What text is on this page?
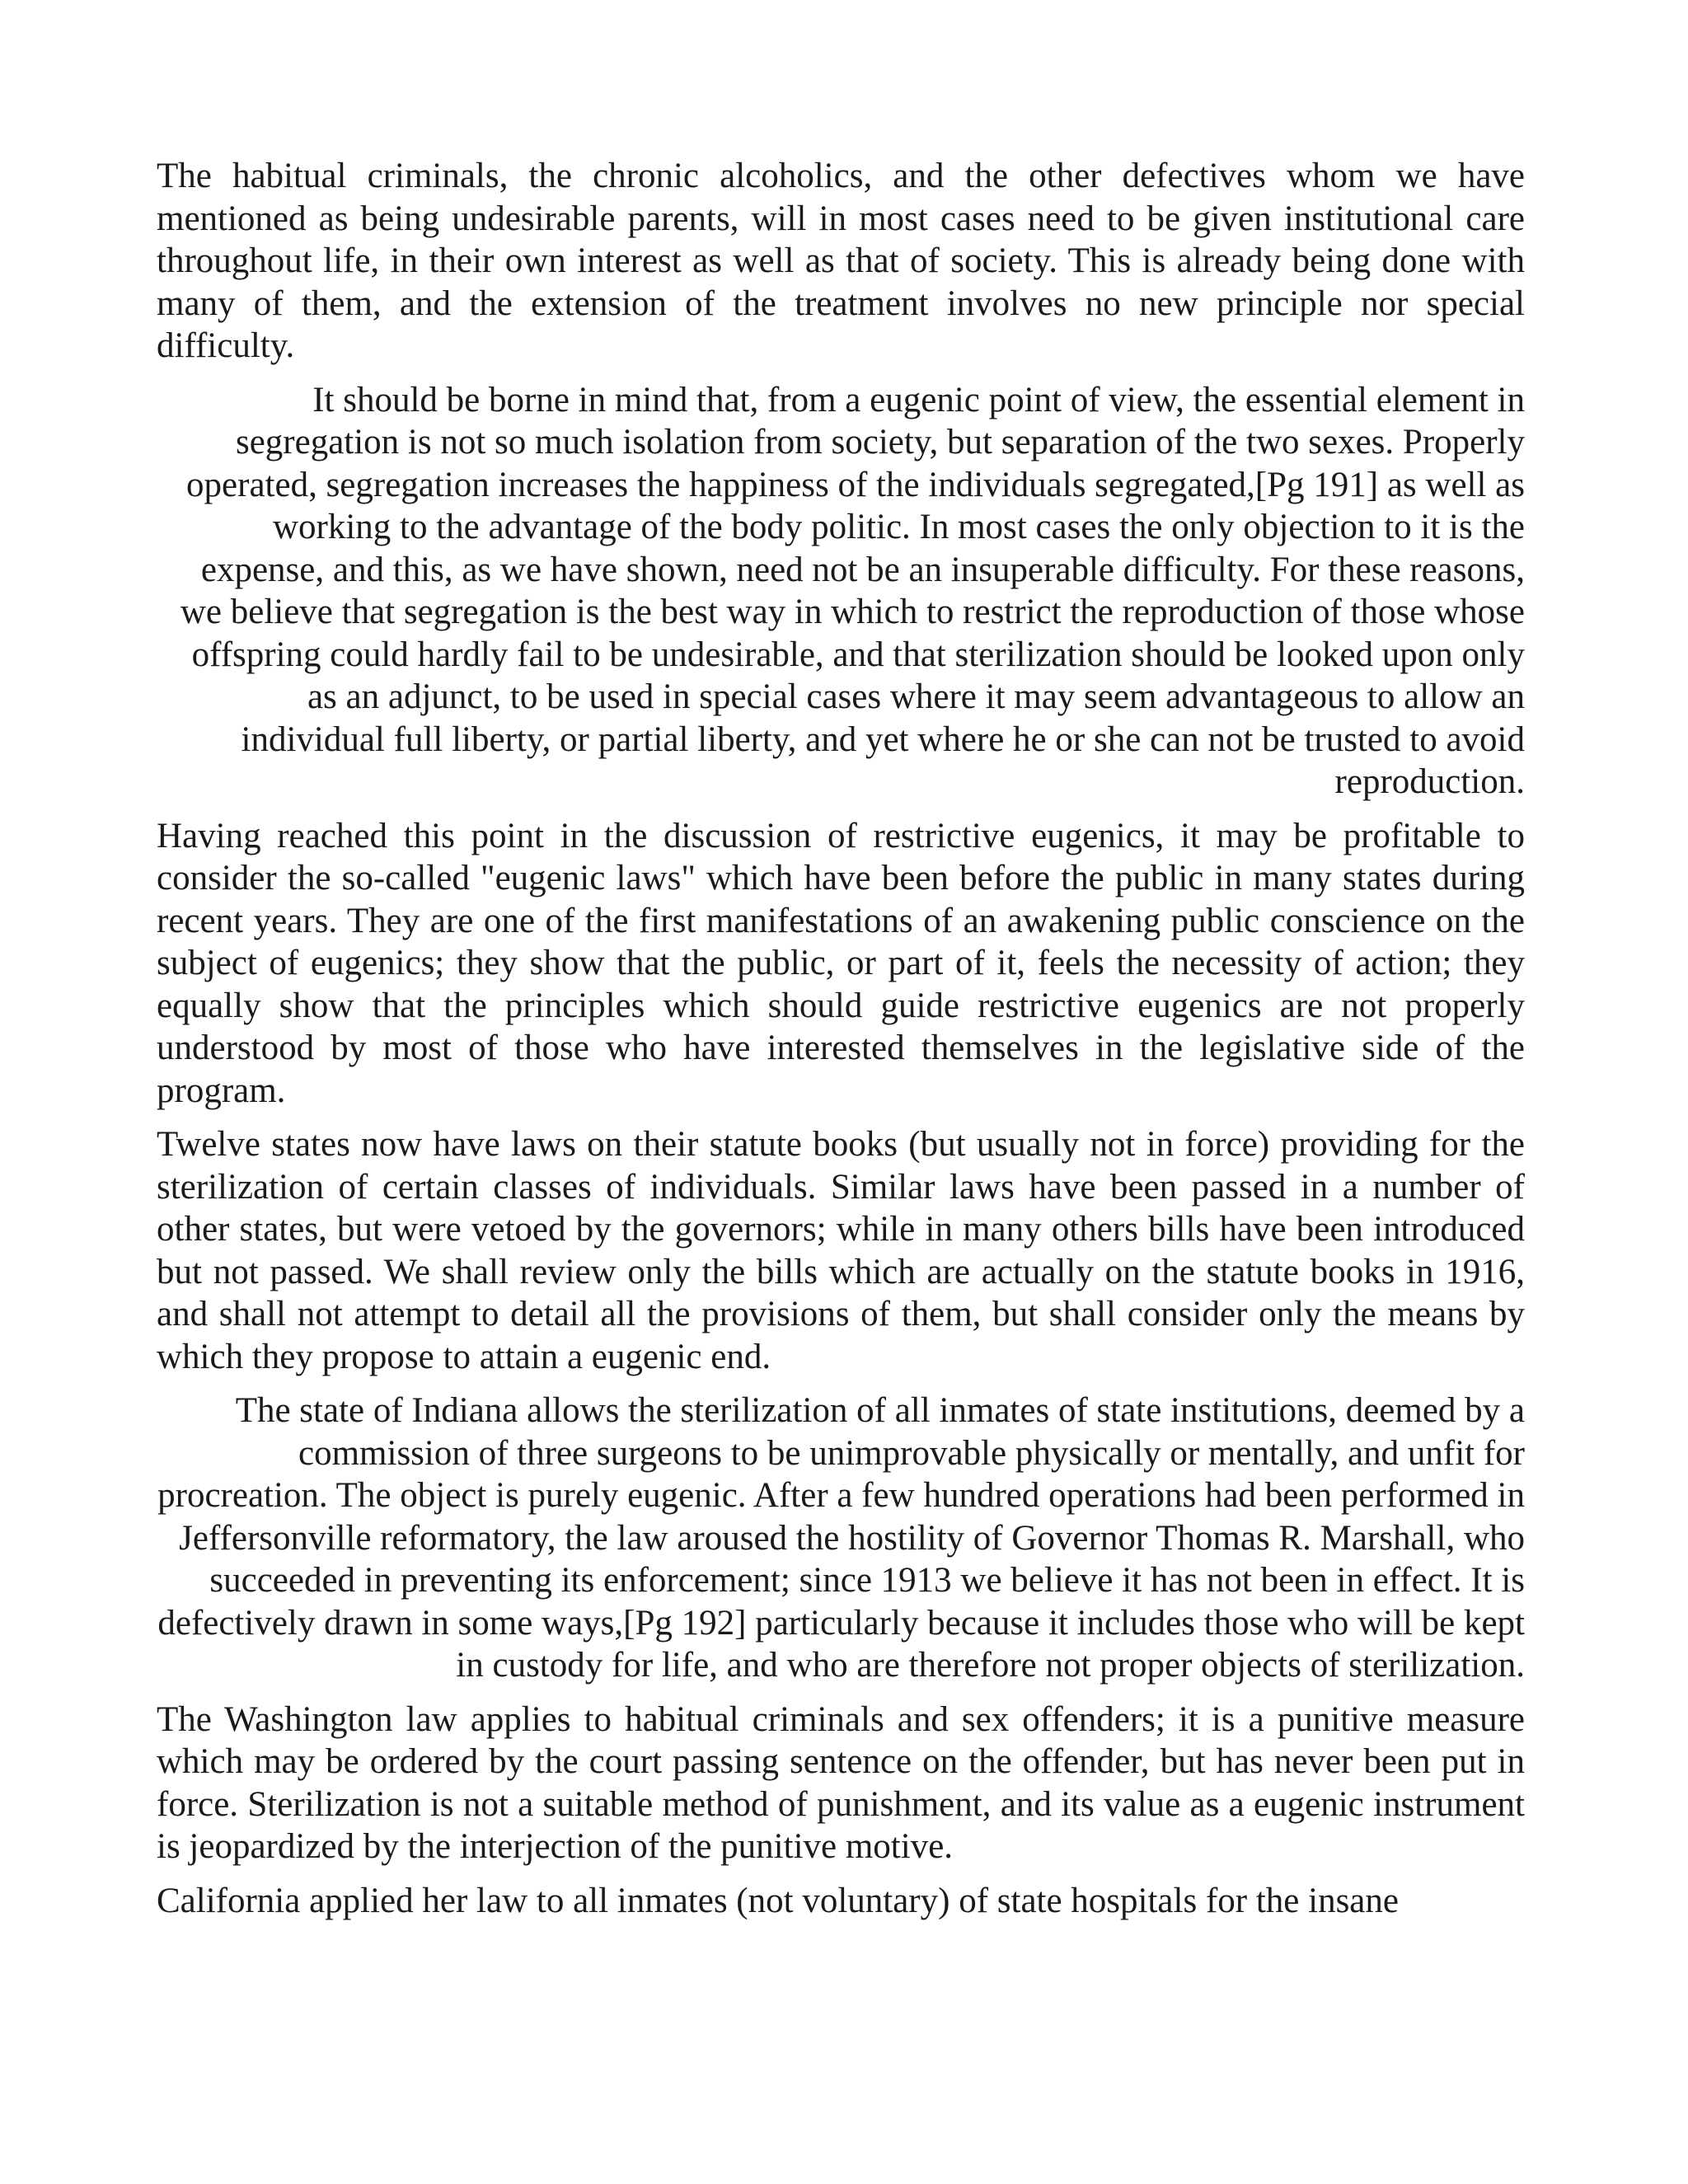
The habitual criminals, the chronic alcoholics, and the other defectives whom we have mentioned as being undesirable parents, will in most cases need to be given institutional care throughout life, in their own interest as well as that of society. This is already being done with many of them, and the extension of the treatment involves no new principle nor special difficulty.

It should be borne in mind that, from a eugenic point of view, the essential element in segregation is not so much isolation from society, but separation of the two sexes. Properly operated, segregation increases the happiness of the individuals segregated,[Pg 191] as well as working to the advantage of the body politic. In most cases the only objection to it is the expense, and this, as we have shown, need not be an insuperable difficulty. For these reasons, we believe that segregation is the best way in which to restrict the reproduction of those whose offspring could hardly fail to be undesirable, and that sterilization should be looked upon only as an adjunct, to be used in special cases where it may seem advantageous to allow an individual full liberty, or partial liberty, and yet where he or she can not be trusted to avoid reproduction.

Having reached this point in the discussion of restrictive eugenics, it may be profitable to consider the so-called "eugenic laws" which have been before the public in many states during recent years. They are one of the first manifestations of an awakening public conscience on the subject of eugenics; they show that the public, or part of it, feels the necessity of action; they equally show that the principles which should guide restrictive eugenics are not properly understood by most of those who have interested themselves in the legislative side of the program.

Twelve states now have laws on their statute books (but usually not in force) providing for the sterilization of certain classes of individuals. Similar laws have been passed in a number of other states, but were vetoed by the governors; while in many others bills have been introduced but not passed. We shall review only the bills which are actually on the statute books in 1916, and shall not attempt to detail all the provisions of them, but shall consider only the means by which they propose to attain a eugenic end.

The state of Indiana allows the sterilization of all inmates of state institutions, deemed by a commission of three surgeons to be unimprovable physically or mentally, and unfit for procreation. The object is purely eugenic. After a few hundred operations had been performed in Jeffersonville reformatory, the law aroused the hostility of Governor Thomas R. Marshall, who succeeded in preventing its enforcement; since 1913 we believe it has not been in effect. It is defectively drawn in some ways,[Pg 192] particularly because it includes those who will be kept in custody for life, and who are therefore not proper objects of sterilization.

The Washington law applies to habitual criminals and sex offenders; it is a punitive measure which may be ordered by the court passing sentence on the offender, but has never been put in force. Sterilization is not a suitable method of punishment, and its value as a eugenic instrument is jeopardized by the interjection of the punitive motive.

California applied her law to all inmates (not voluntary) of state hospitals for the insane
